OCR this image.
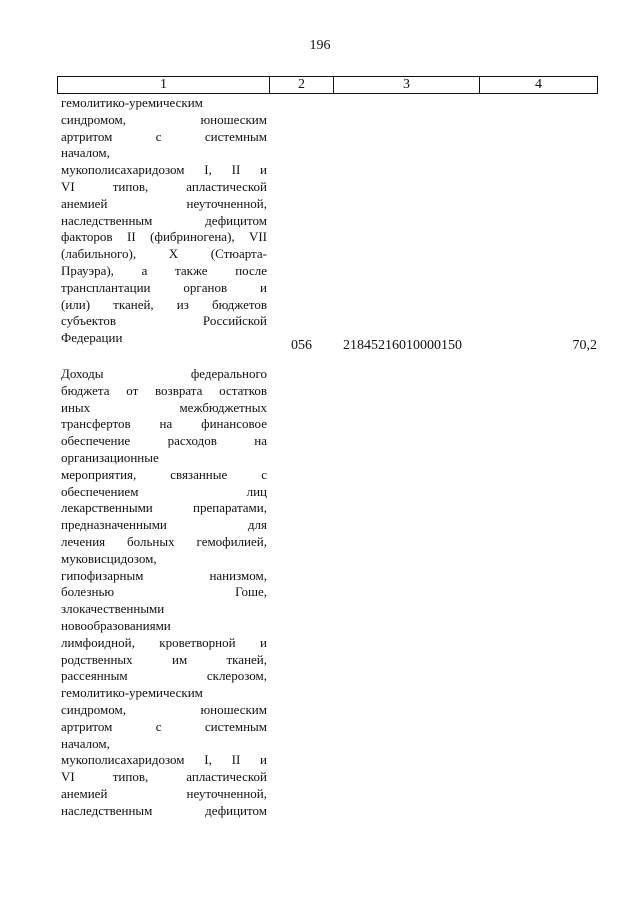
196
1	2	3	4
гемолитико-уремическим
синдромом, юношеским
артритом с системным
началом,
мукополисахаридозом I, II и
VI типов, апластической
анемией неуточненной,
наследственным дефицитом
факторов II (фибриногена), VII
(лабильного), X (Стюарта-
Прауэра), а также после
трансплантации органов и
(или) тканей, из бюджетов
субъектов Российской
Федерации
056 21845216010000150	70,2
Доходы федерального
бюджета от возврата остатков
иных межбюджетных
трансфертов на финансовое
обеспечение расходов на
организационные
мероприятия, связанные с
обеспечением лиц
лекарственными препаратами,
предназначенными для
лечения больных гемофилией,
муковисцидозом,
гипофизарным нанизмом,
болезнью Гоше,
злокачественными
новообразованиями
лимфоидной, кроветворной и
родственных им тканей,
рассеянным склерозом,
гемолитико-уремическим
синдромом, юношеским
артритом с системным
началом,
мукополисахаридозом I, II и
VI типов, апластической
анемией неуточненной,
наследственным дефицитом
